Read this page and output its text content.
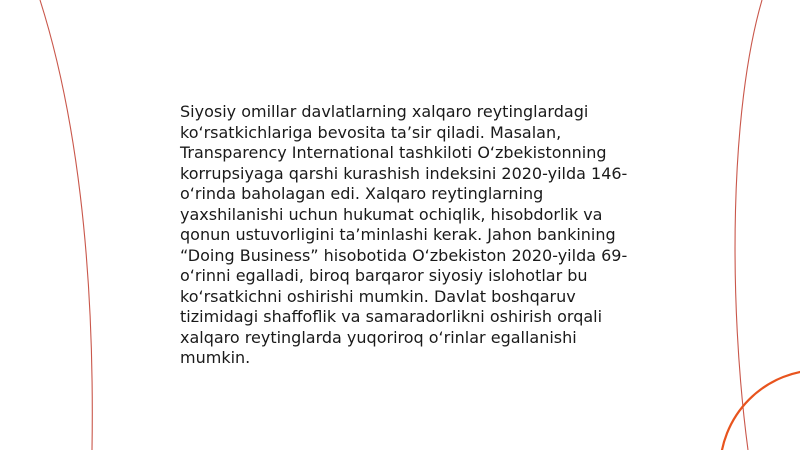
Siyosiy omillar davlatlarning xalqaro reytinglardagi ko‘rsatkichlariga bevosita ta’sir qiladi. Masalan, Transparency International tashkiloti O‘zbekistonning korrupsiyaga qarshi kurashish indeksini 2020-yilda 146-o‘rinda baholagan edi. Xalqaro reytinglarning yaxshilanishi uchun hukumat ochiqlik, hisobdorlik va qonun ustuvorligini ta’minlashi kerak. Jahon bankining “Doing Business” hisobotida O‘zbekiston 2020-yilda 69-o‘rinni egalladi, biroq barqaror siyosiy islohotlar bu ko‘rsatkichni oshirishi mumkin. Davlat boshqaruv tizimidagi shaffoflik va samaradorlikni oshirish orqali xalqaro reytinglarda yuqoriroq o‘rinlar egallanishi mumkin.
